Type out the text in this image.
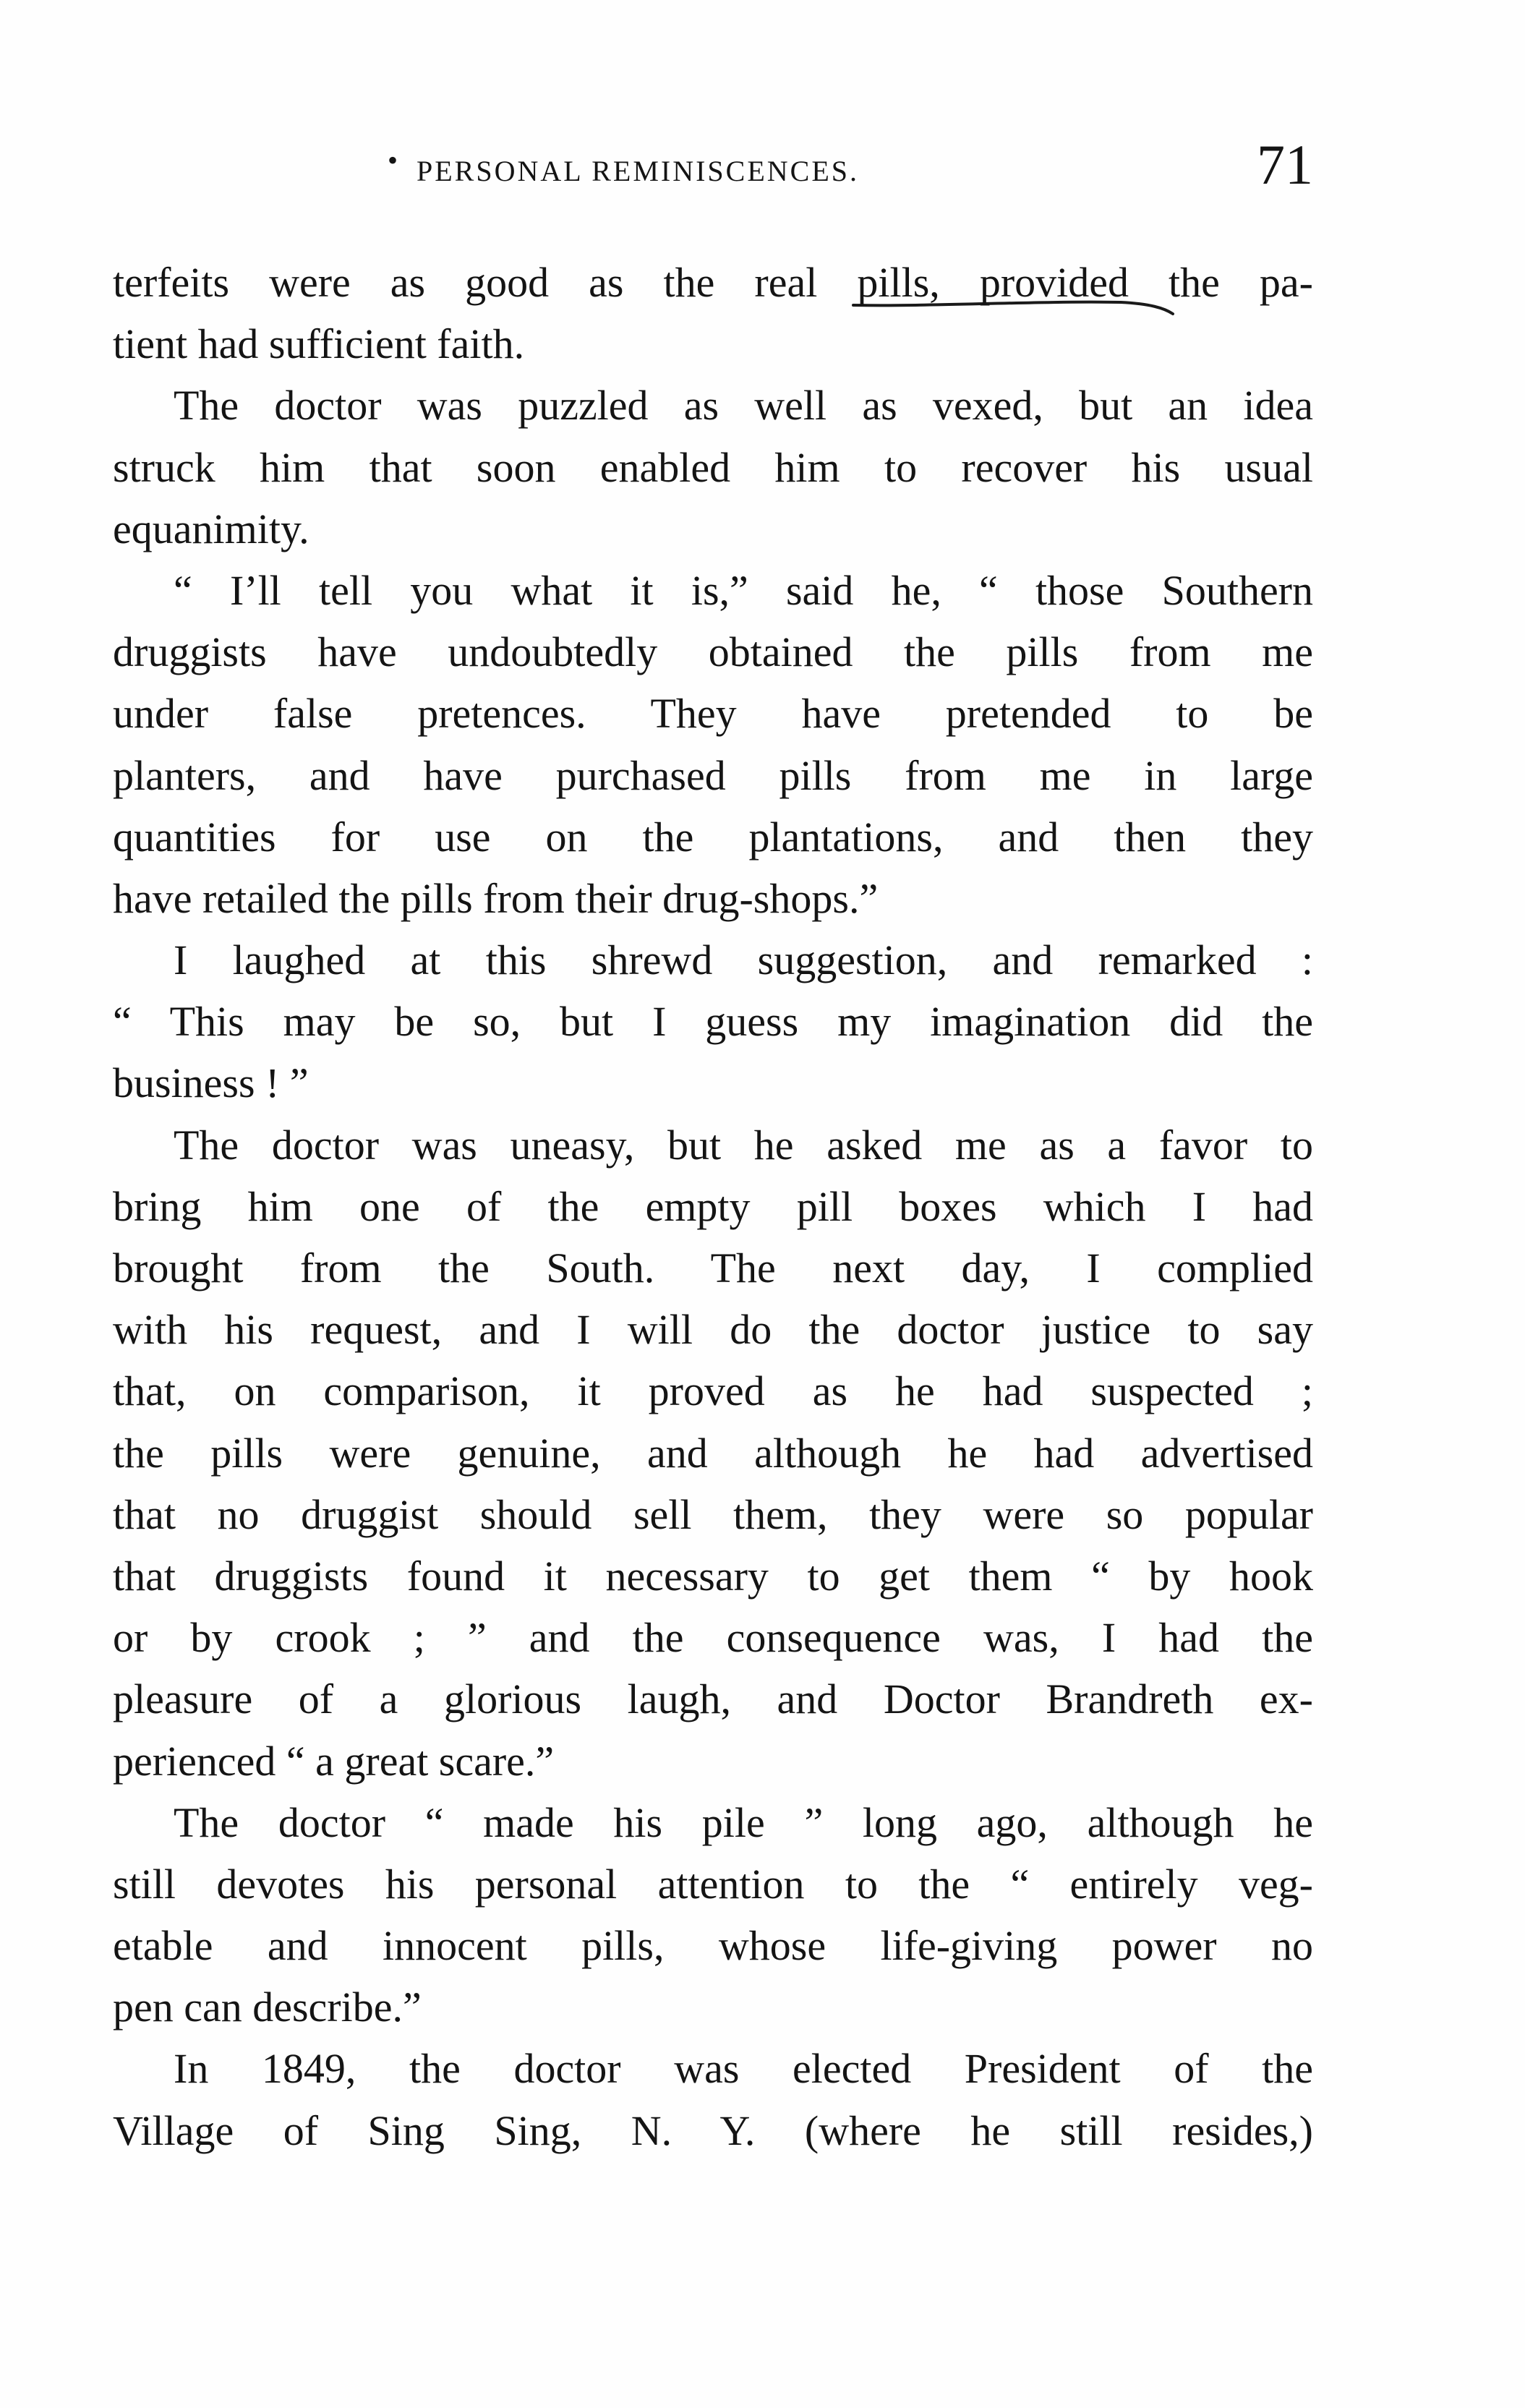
• PERSONAL REMINISCENCES.	71
terfeits were as good as the real pills, provided the pa-
tient had sufficient faith.
The doctor was puzzled as well as vexed, but an idea
struck him that soon enabled him to recover his usual
equanimity.
“ I’ll tell you what it is,” said he, “ those Southern
druggists have undoubtedly obtained the pills from me
under false pretences. They have pretended to be
planters, and have purchased pills from me in large
quantities for use on the plantations, and then they
have retailed the pills from their drug-shops.”
I laughed at this shrewd suggestion, and remarked :
“ This may be so, but I guess my imagination did the
business ! ”
The doctor was uneasy, but he asked me as a favor to
bring him one of the empty pill boxes which I had
brought from the South. The next day, I complied
with his request, and I will do the doctor justice to say
that, on comparison, it proved as he had suspected ;
the pills were genuine, and although he had advertised
that no druggist should sell them, they were so popular
that druggists found it necessary to get them “ by hook
or by crook ; ” and the consequence was, I had the
pleasure of a glorious laugh, and Doctor Brandreth ex-
perienced “ a great scare.”
The doctor “ made his pile ” long ago, although he
still devotes his personal attention to the “ entirely veg-
etable and innocent pills, whose life-giving power no
pen can describe.”
In 1849, the doctor was elected President of the
Village of Sing Sing, N. Y. (where he still resides,)
